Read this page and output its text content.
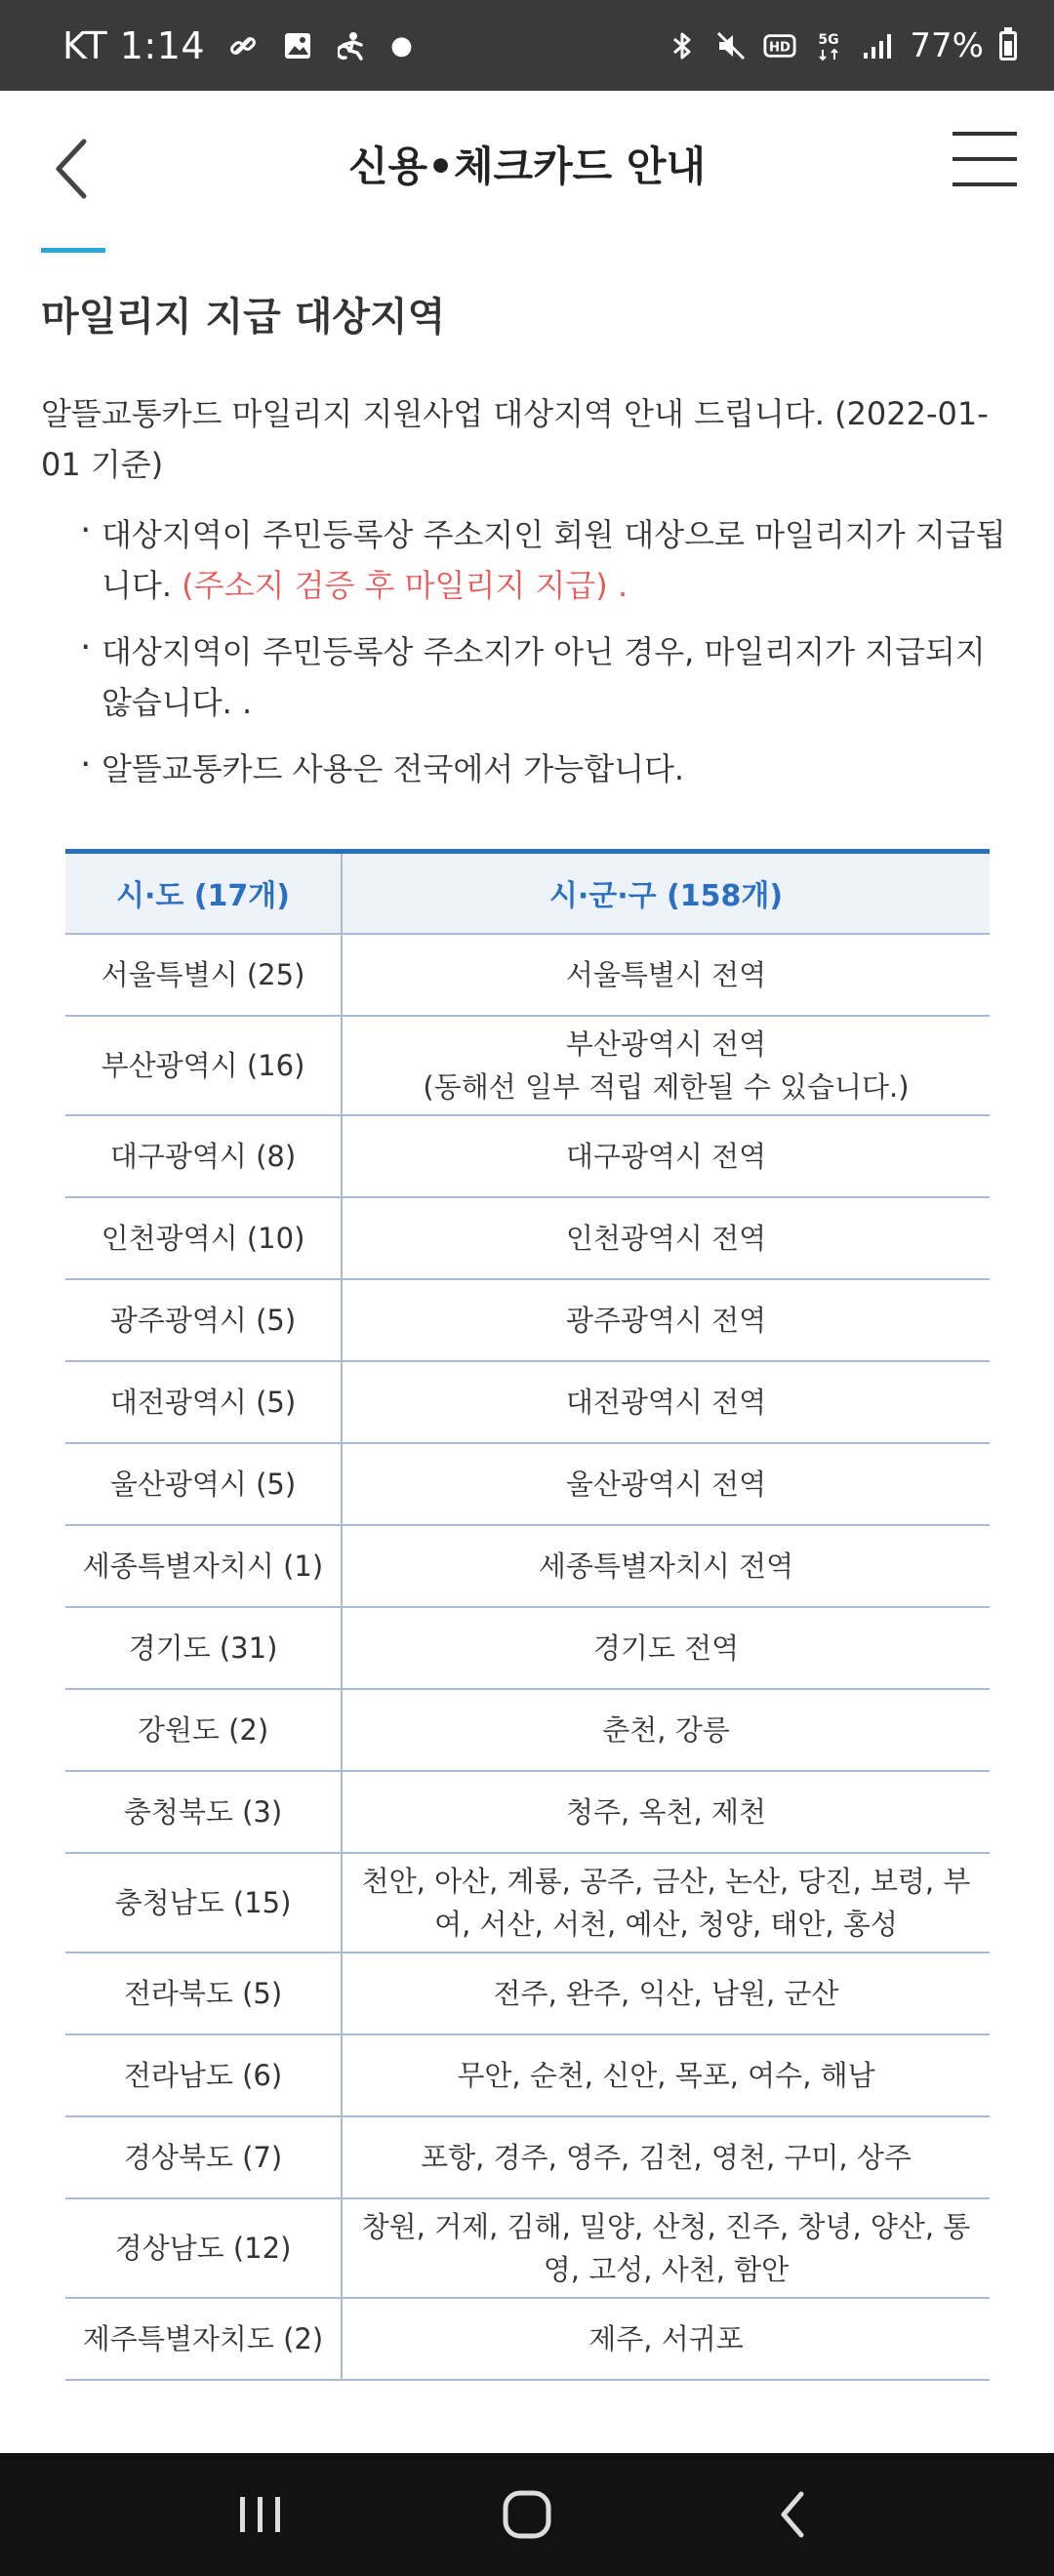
KT 1:14	●	HD
5G 77%
신용•체크카드 안내
마일리지 지급 대상지역

알뜰교통카드 마일리지 지원사업 대상지역 안내 드립니다. (2022-01-01 기준)

· 대상지역이 주민등록상 주소지인 회원 대상으로 마일리지가 지급됩니다. (주소지 검증 후 마일리지 지급) .

· 대상지역이 주민등록상 주소지가 아닌 경우, 마일리지가 지급되지 않습니다. .

· 알뜰교통카드 사용은 전국에서 가능합니다.

시·도 (17개)	시·군·구 (158개)
서울특별시 (25)	서울특별시 전역
부산광역시 (16)	부산광역시 전역
(동해선 일부 적립 제한될 수 있습니다.)
대구광역시 (8)	대구광역시 전역
인천광역시 (10)	인천광역시 전역
광주광역시 (5)	광주광역시 전역
대전광역시 (5)	대전광역시 전역
울산광역시 (5)	울산광역시 전역
세종특별자치시 (1)	세종특별자치시 전역
경기도 (31)	경기도 전역
강원도 (2)	춘천, 강릉
충청북도 (3)	청주, 옥천, 제천
충청남도 (15)	천안, 아산, 계룡, 공주, 금산, 논산, 당진, 보령, 부여, 서산, 서천, 예산, 청양, 태안, 홍성
전라북도 (5)	전주, 완주, 익산, 남원, 군산
전라남도 (6)	무안, 순천, 신안, 목포, 여수, 해남
경상북도 (7)	포항, 경주, 영주, 김천, 영천, 구미, 상주
경상남도 (12)	창원, 거제, 김해, 밀양, 산청, 진주, 창녕, 양산, 통영, 고성, 사천, 함안
제주특별자치도 (2)	제주, 서귀포
